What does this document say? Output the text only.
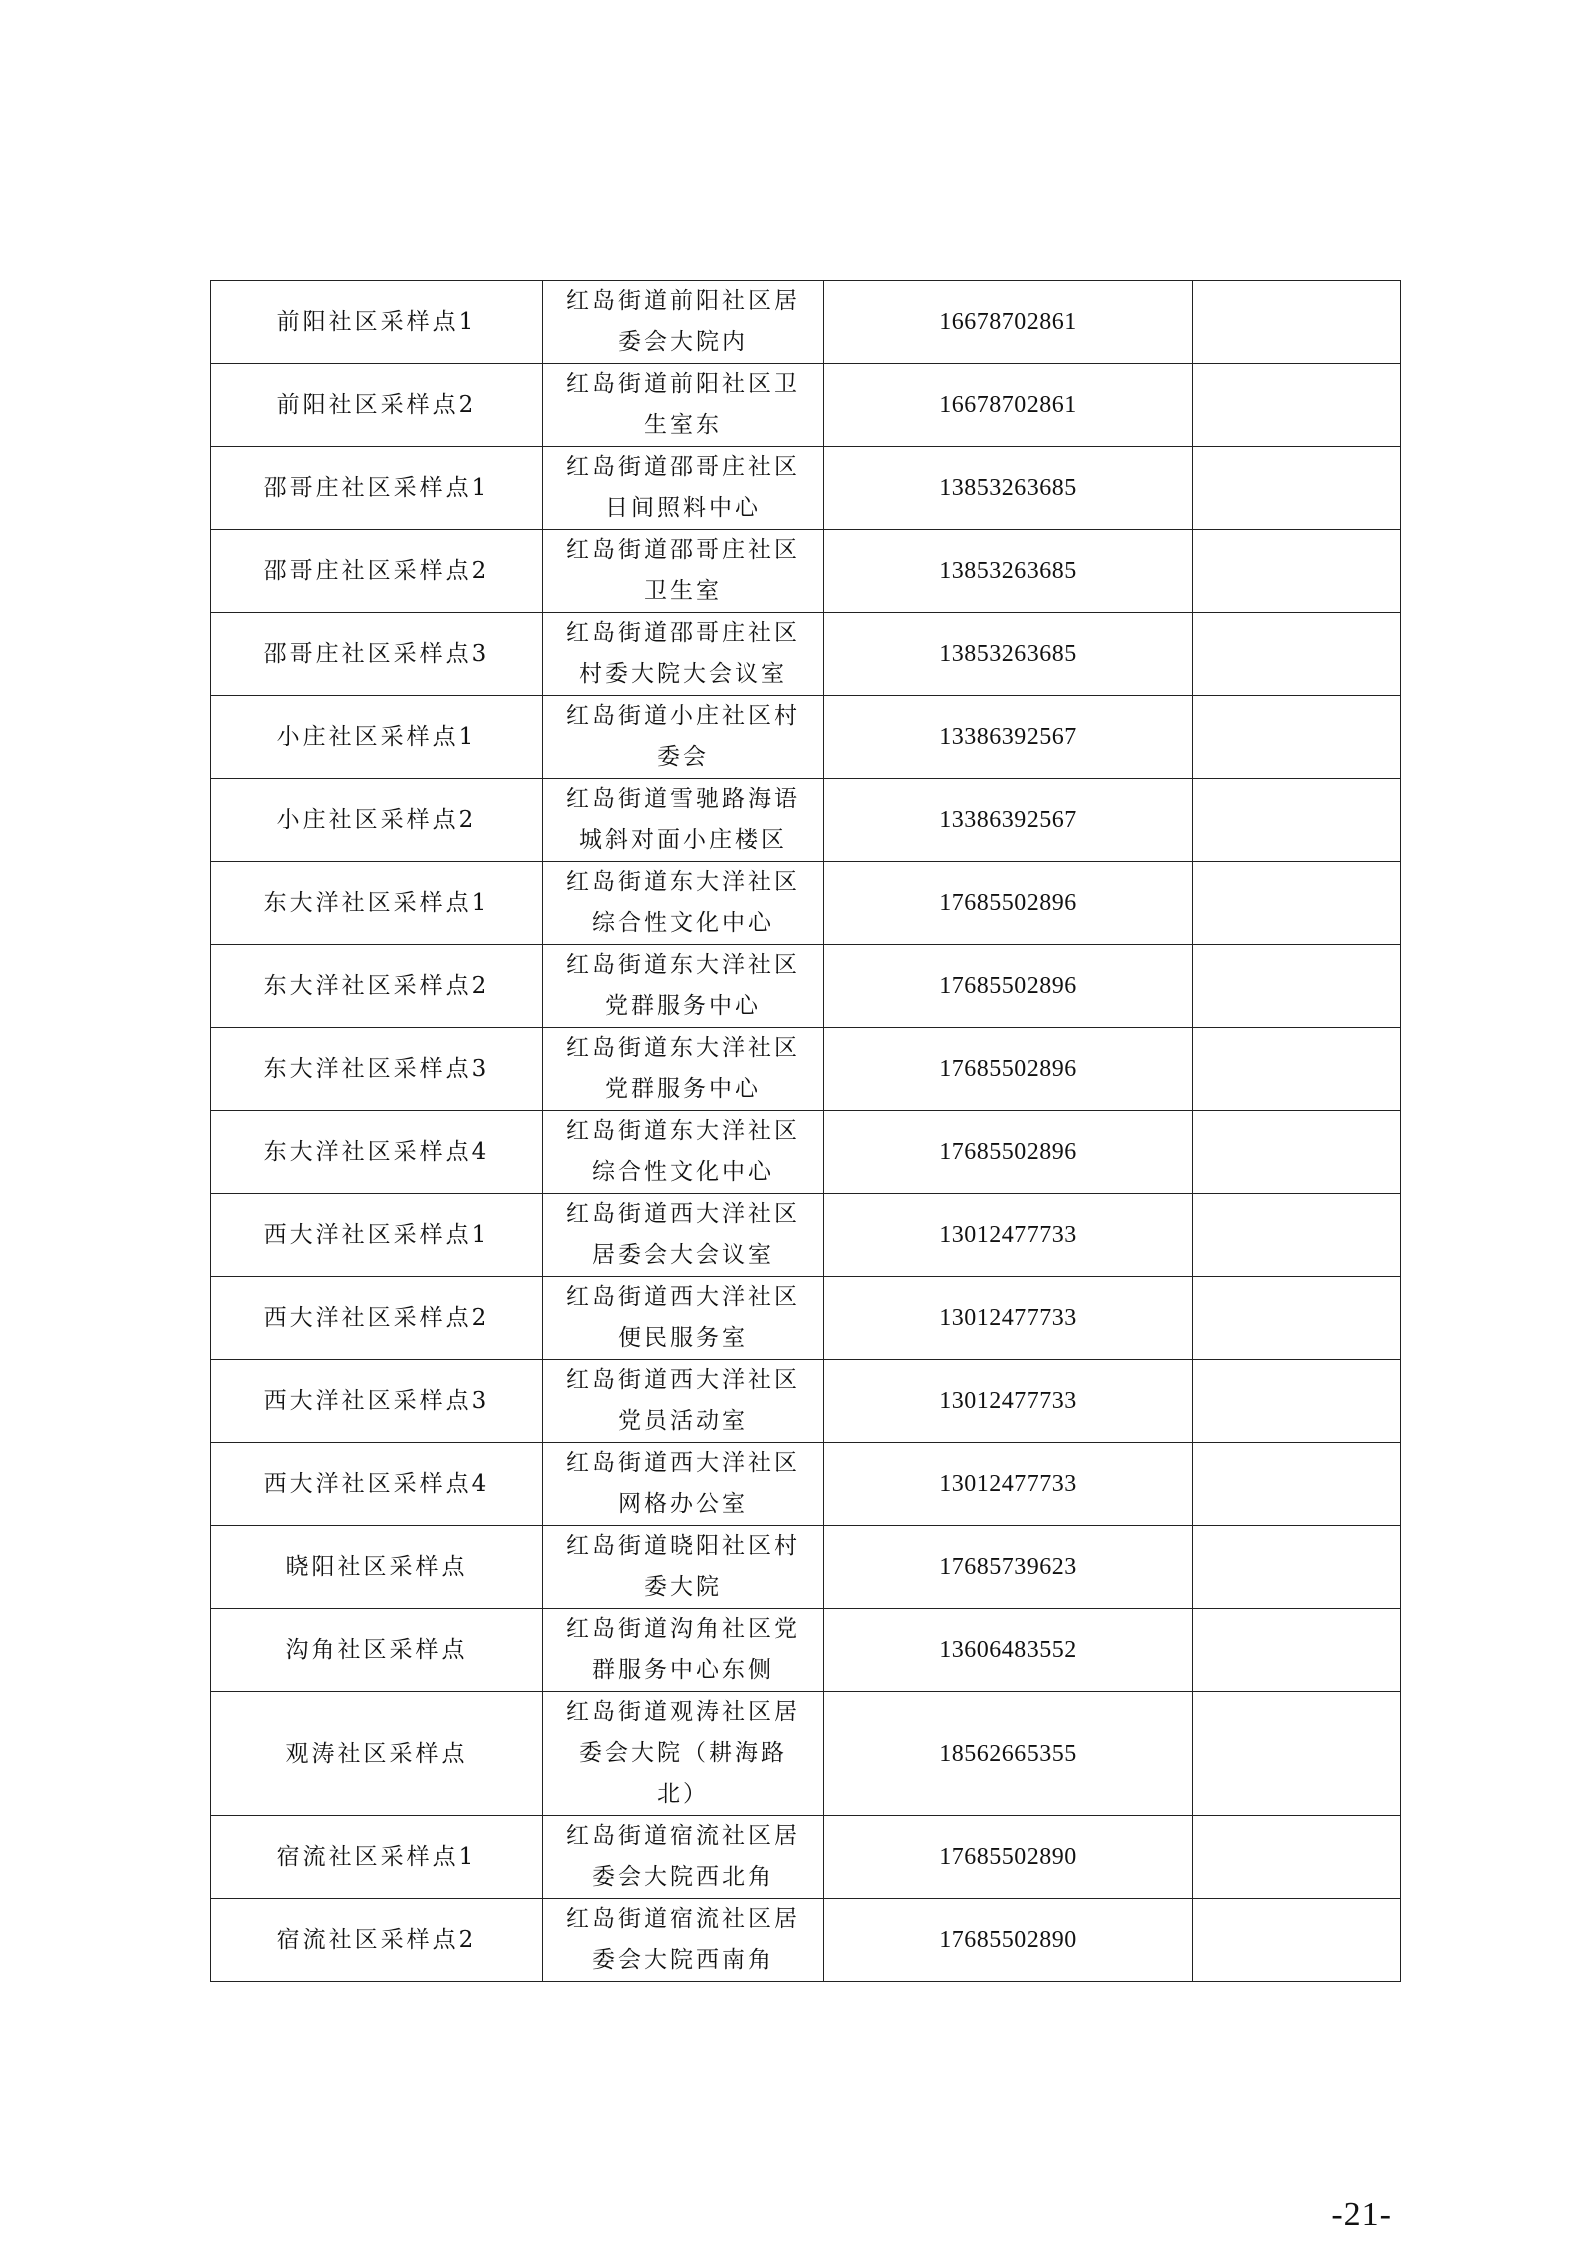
前阳社区采样点1	红岛街道前阳社区居委会大院内	16678702861	
前阳社区采样点2	红岛街道前阳社区卫生室东	16678702861	
邵哥庄社区采样点1	红岛街道邵哥庄社区日间照料中心	13853263685	
邵哥庄社区采样点2	红岛街道邵哥庄社区卫生室	13853263685	
邵哥庄社区采样点3	红岛街道邵哥庄社区村委大院大会议室	13853263685	
小庄社区采样点1	红岛街道小庄社区村委会	13386392567	
小庄社区采样点2	红岛街道雪驰路海语城斜对面小庄楼区	13386392567	
东大洋社区采样点1	红岛街道东大洋社区综合性文化中心	17685502896	
东大洋社区采样点2	红岛街道东大洋社区党群服务中心	17685502896	
东大洋社区采样点3	红岛街道东大洋社区党群服务中心	17685502896	
东大洋社区采样点4	红岛街道东大洋社区综合性文化中心	17685502896	
西大洋社区采样点1	红岛街道西大洋社区居委会大会议室	13012477733	
西大洋社区采样点2	红岛街道西大洋社区便民服务室	13012477733	
西大洋社区采样点3	红岛街道西大洋社区党员活动室	13012477733	
西大洋社区采样点4	红岛街道西大洋社区网格办公室	13012477733	
晓阳社区采样点	红岛街道晓阳社区村委大院	17685739623	
沟角社区采样点	红岛街道沟角社区党群服务中心东侧	13606483552	
观涛社区采样点	红岛街道观涛社区居委会大院（耕海路北）	18562665355	
宿流社区采样点1	红岛街道宿流社区居委会大院西北角	17685502890	
宿流社区采样点2	红岛街道宿流社区居委会大院西南角	17685502890	
-21-
